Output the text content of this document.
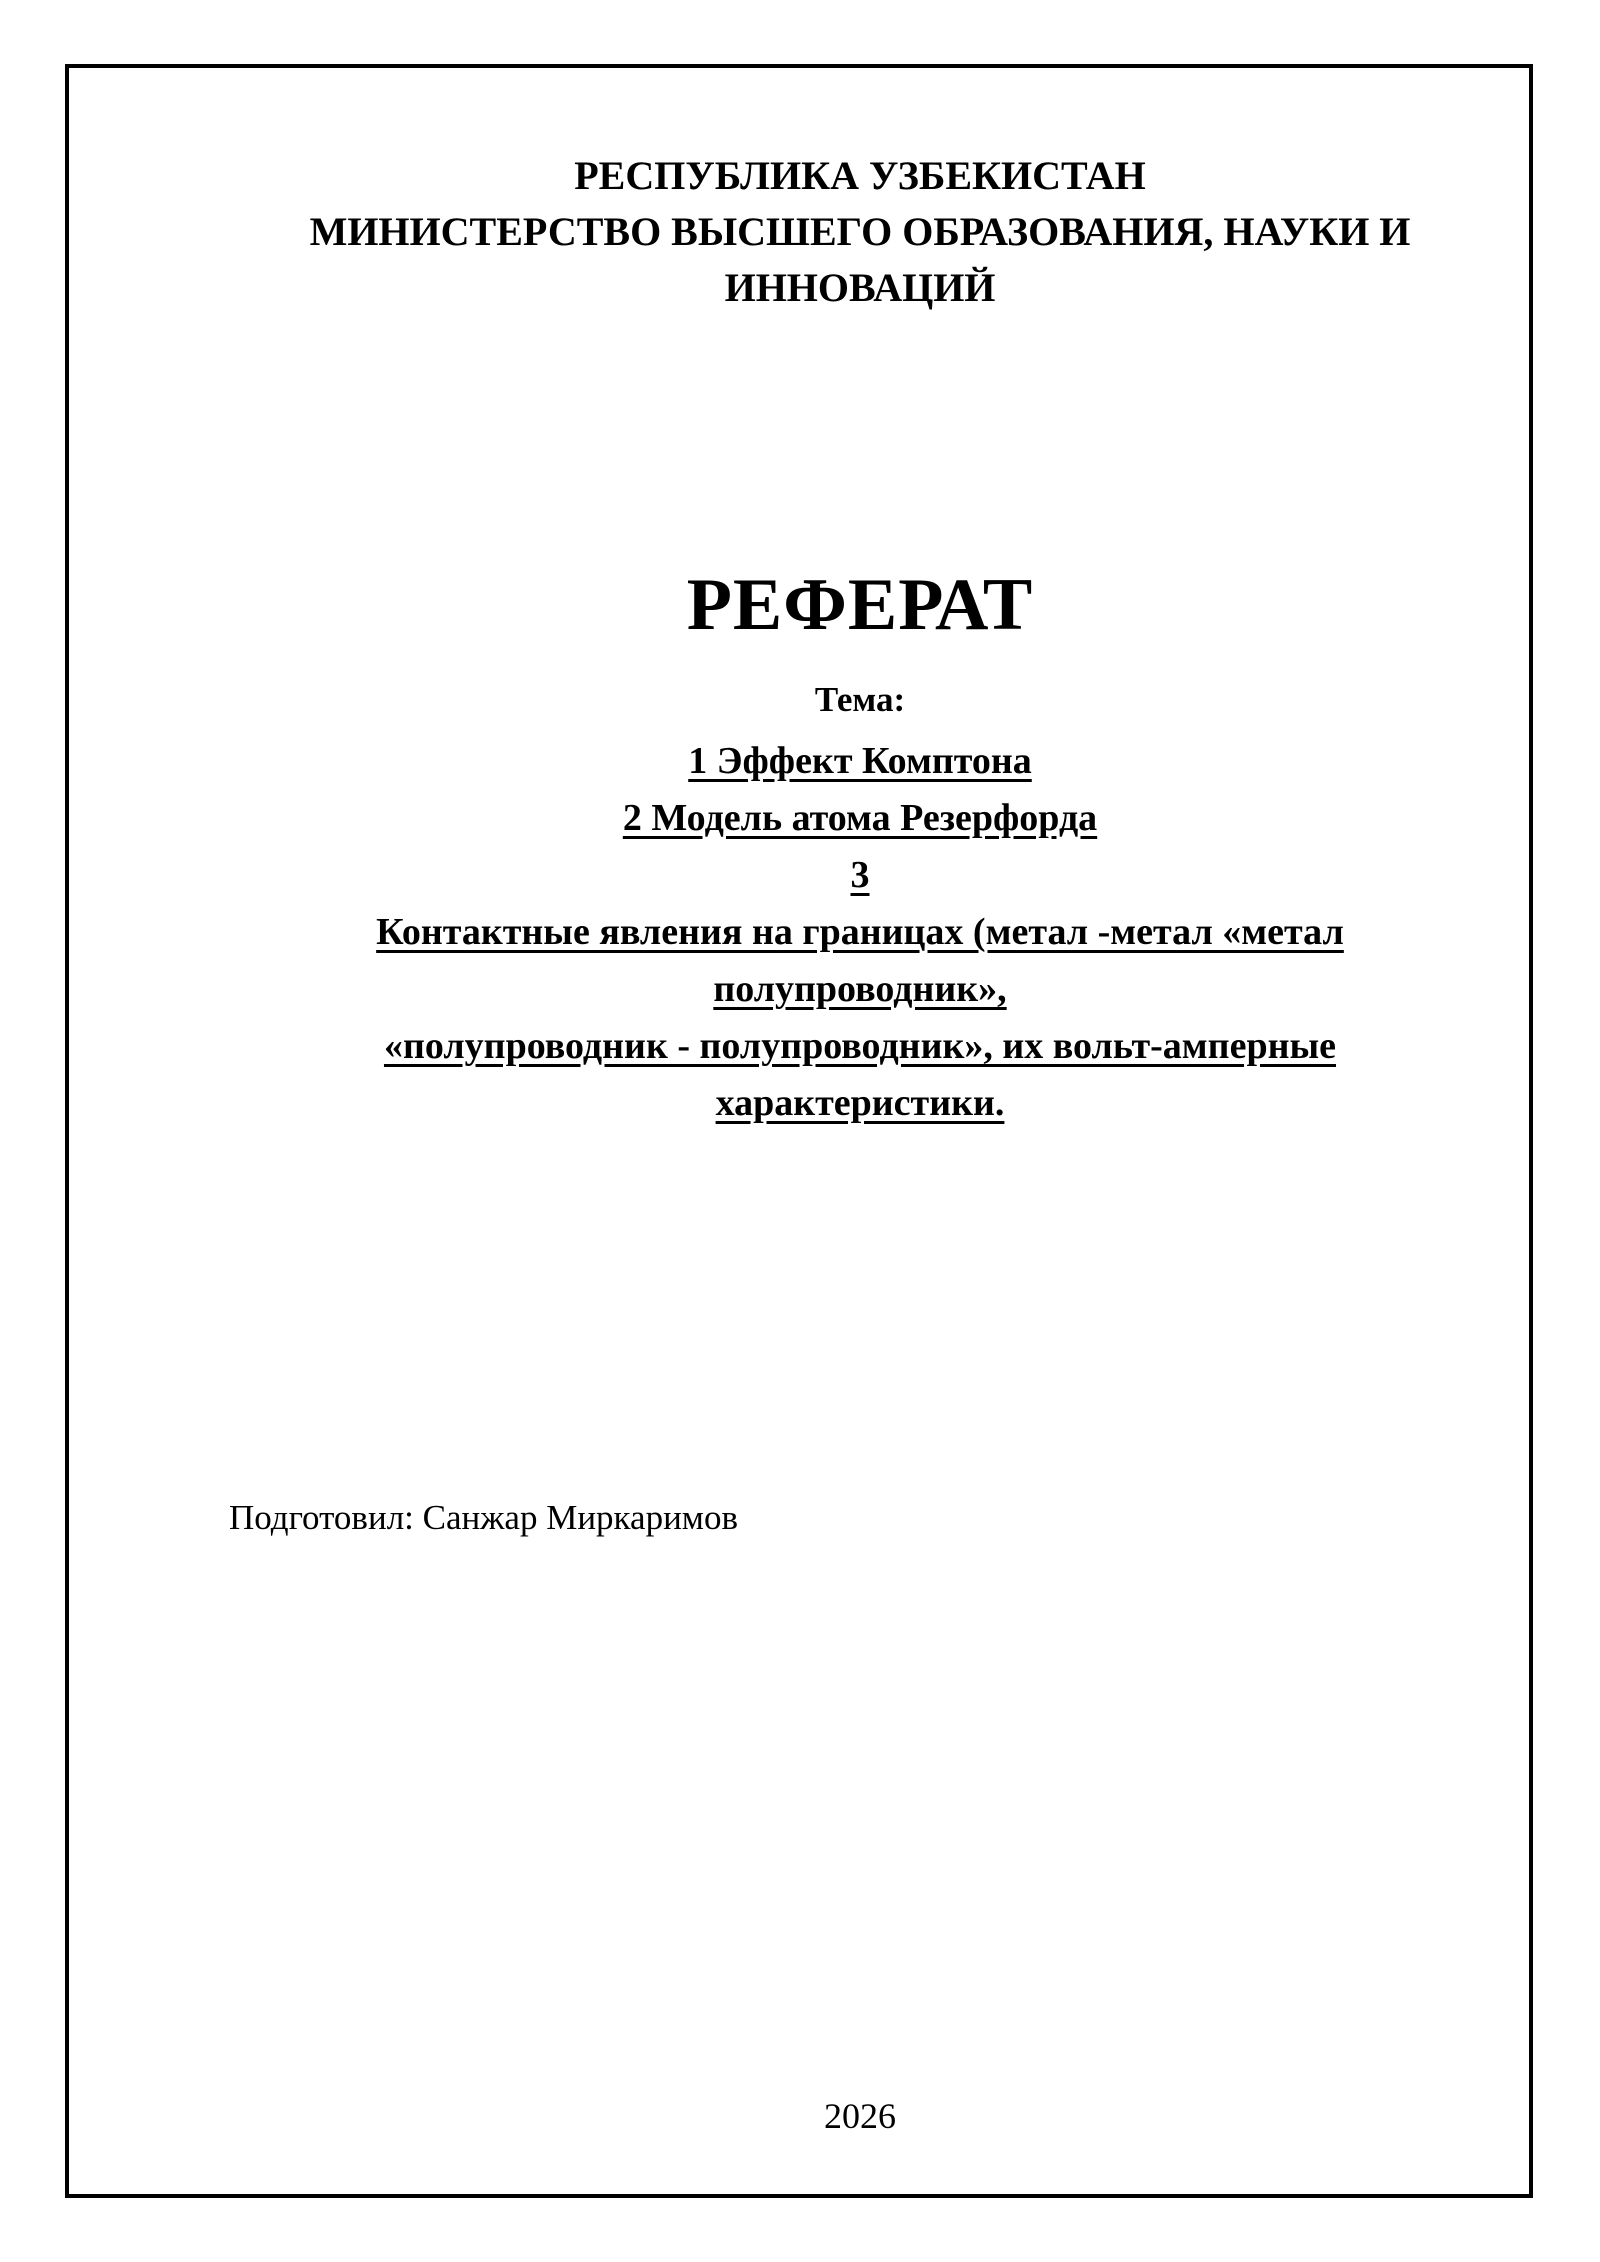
РЕСПУБЛИКА УЗБЕКИСТАН
МИНИСТЕРСТВО ВЫСШЕГО ОБРАЗОВАНИЯ, НАУКИ И
ИННОВАЦИЙ
РЕФЕРАТ
Тема:
1 Эффект Комптона
2 Модель атома Резерфорда
3
Контактные явления на границах (метал -метал «метал
полупроводник»,
«полупроводник - полупроводник», их вольт-амперные
характеристики.
Подготовил: Санжар Миркаримов
2026
